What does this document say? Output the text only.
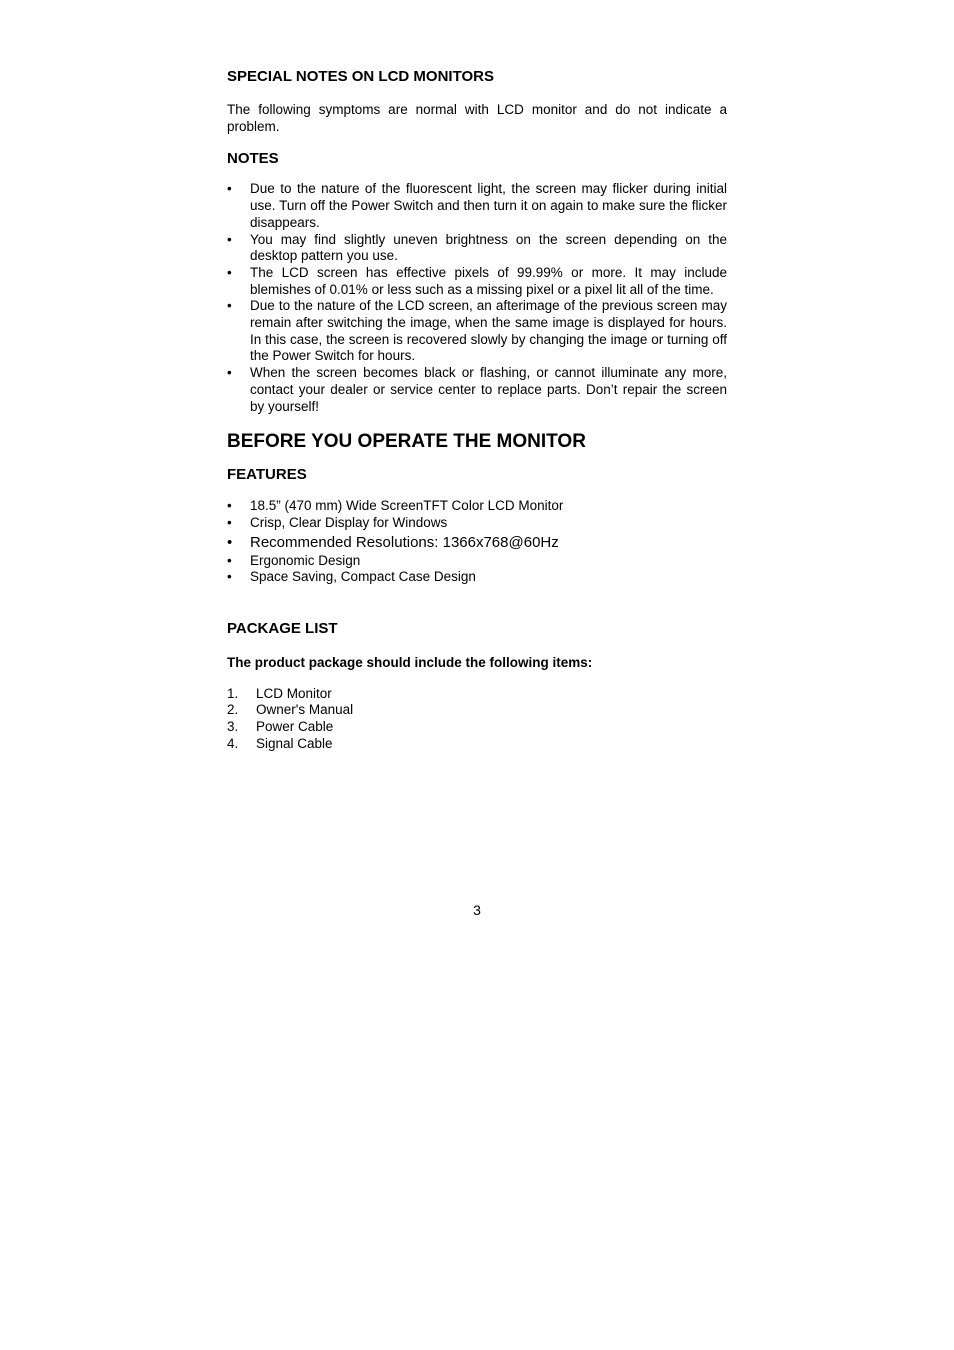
SPECIAL NOTES ON LCD MONITORS

The following symptoms are normal with LCD monitor and do not indicate a problem.

NOTES
•	Due to the nature of the fluorescent light, the screen may flicker during initial use. Turn off the Power Switch and then turn it on again to make sure the flicker disappears.
•	You may find slightly uneven brightness on the screen depending on the desktop pattern you use.
•	The LCD screen has effective pixels of 99.99% or more. It may include blemishes of 0.01% or less such as a missing pixel or a pixel lit all of the time.
•	Due to the nature of the LCD screen, an afterimage of the previous screen may remain after switching the image, when the same image is displayed for hours. In this case, the screen is recovered slowly by changing the image or turning off the Power Switch for hours.
•	When the screen becomes black or flashing, or cannot illuminate any more, contact your dealer or service center to replace parts. Don’t repair the screen by yourself!
BEFORE YOU OPERATE THE MONITOR
FEATURES
•	18.5” (470 mm) Wide ScreenTFT Color LCD Monitor
•	Crisp, Clear Display for Windows
•	Recommended Resolutions: 1366x768@60Hz
•	Ergonomic Design
•	Space Saving, Compact Case Design
PACKAGE LIST

The product package should include the following items:

1. LCD Monitor
2. Owner's Manual
3. Power Cable
4. Signal Cable
3
